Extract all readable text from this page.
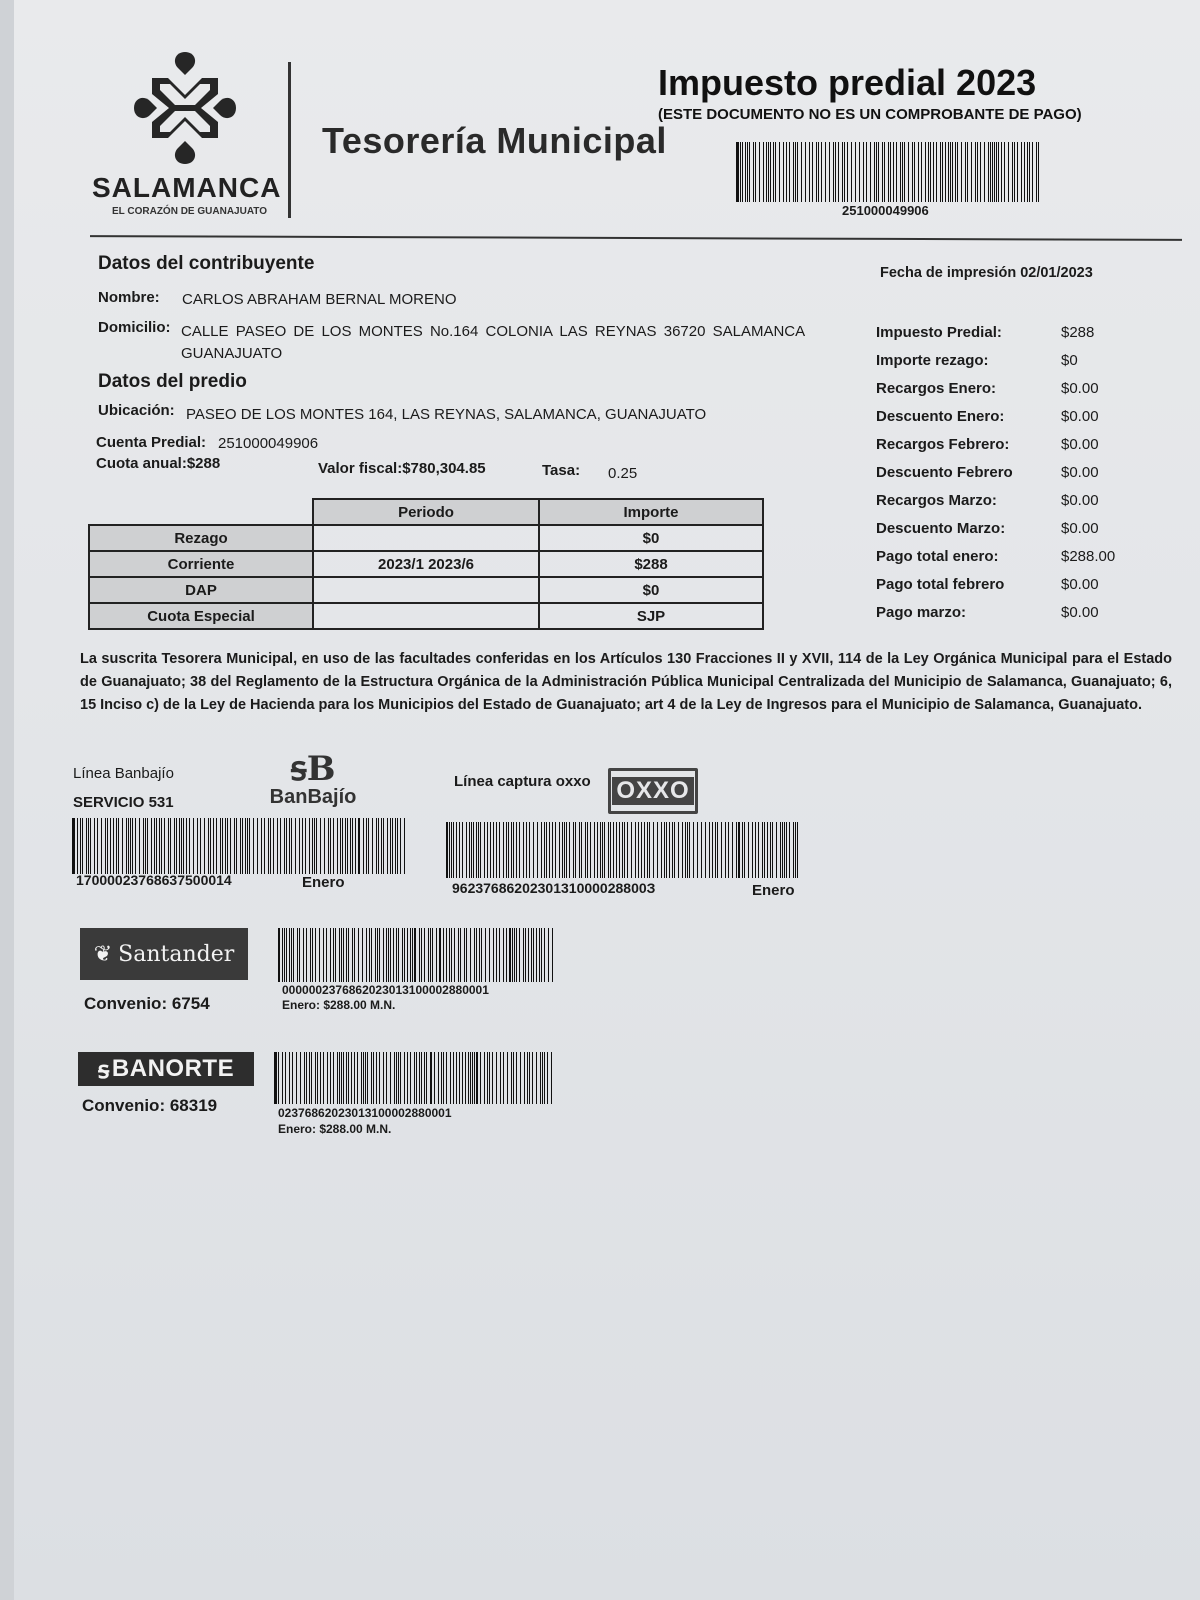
SALAMANCA
EL CORAZÓN DE GUANAJUATO
Tesorería Municipal
Impuesto predial 2023
(ESTE DOCUMENTO NO ES UN COMPROBANTE DE PAGO)
251000049906
Datos del contribuyente
Nombre: CARLOS ABRAHAM BERNAL MORENO
Domicilio: CALLE PASEO DE LOS MONTES No.164 COLONIA LAS REYNAS 36720 SALAMANCA
GUANAJUATO
Datos del predio
Ubicación: PASEO DE LOS MONTES 164, LAS REYNAS, SALAMANCA, GUANAJUATO
Cuenta Predial: 251000049906
Cuota anual:$288	Valor fiscal:$780,304.85	Tasa: 0.25
Fecha de impresión 02/01/2023
Impuesto Predial:	$288
Importe rezago:	$0
Recargos Enero:	$0.00
Descuento Enero:	$0.00
Recargos Febrero:	$0.00
Descuento Febrero	$0.00
Recargos Marzo:	$0.00
Descuento Marzo:	$0.00
Pago total enero:	$288.00
Pago total febrero	$0.00
Pago marzo:	$0.00
	Periodo	Importe
Rezago		$0
Corriente	2023/1 2023/6	$288
DAP		$0
Cuota Especial		SJP
La suscrita Tesorera Municipal, en uso de las facultades conferidas en los Artículos 130 Fracciones II y XVII, 114 de la Ley Orgánica Municipal para el Estado de Guanajuato; 38 del Reglamento de la Estructura Orgánica de la Administración Pública Municipal Centralizada del Municipio de Salamanca, Guanajuato; 6, 15 Inciso c) de la Ley de Hacienda para los Municipios del Estado de Guanajuato; art 4 de la Ley de Ingresos para el Municipio de Salamanca, Guanajuato.
Línea Banbajío
SERVICIO 531
ꟊB
BanBajío
17000023768637500014	Enero
Línea captura oxxo OXXO
9623768620230131000028800З	Enero
❦ Santander
Convenio: 6754
0000002376862023013100002880001
Enero: $288.00 M.N.
ꟊ BANORTE
Convenio: 68319	02376862023013100002880001
Enero: $288.00 M.N.
